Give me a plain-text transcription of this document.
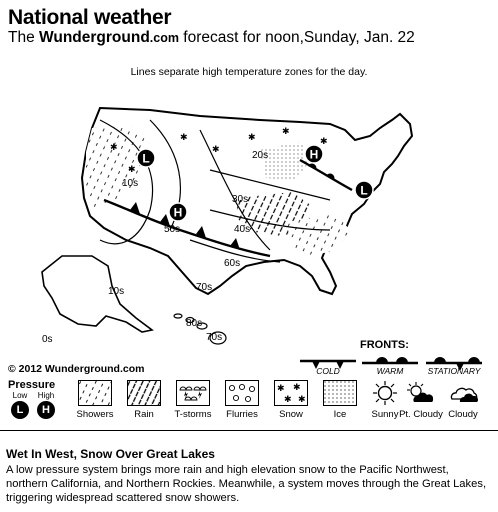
National weather
The Wunderground.com forecast for noon,Sunday, Jan. 22
Lines separate high temperature zones for the day.
10s
20s
30s
40s
50s
60s
70s
10s
0s
80s
70s
L
H
H
L
✱
✱
✱
✱
✱
✱
✱
© 2012 Wunderground.com
FRONTS:
COLD	WARM	STATIONARY
Pressure
Low	High
L	H	Showers	Rain	T-storms	Flurries
✱ ✱
✱ ✱
Snow	Ice	Sunny Pt. Cloudy Cloudy
Wet In West, Snow Over Great Lakes
A low pressure system brings more rain and high elevation snow to the Pacific Northwest, northern California, and Northern Rockies. Meanwhile, a system moves through the Great Lakes, triggering widespread scattered snow showers.
